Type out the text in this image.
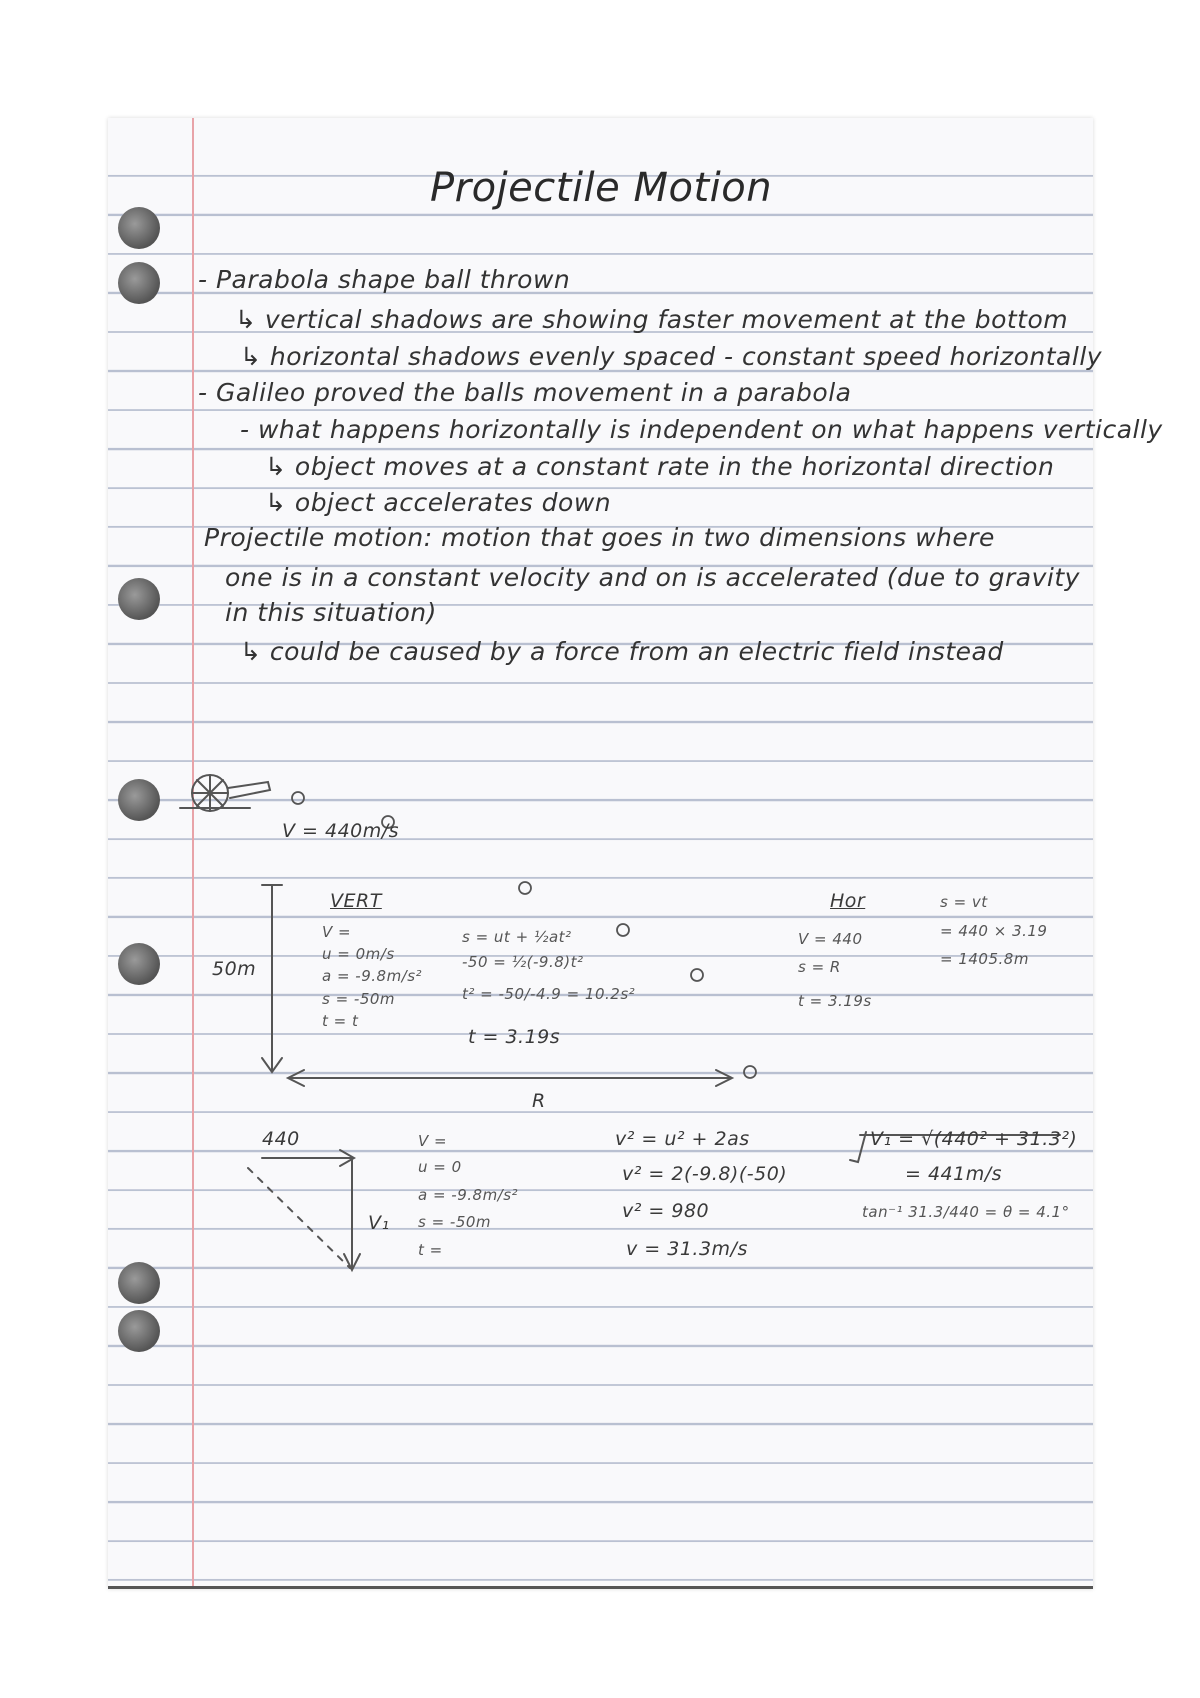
Projectile Motion
- Parabola shape ball thrown
↳ vertical shadows are showing faster movement at the bottom
↳ horizontal shadows evenly spaced - constant speed horizontally
- Galileo proved the balls movement in a parabola
- what happens horizontally is independent on what happens vertically
↳ object moves at a constant rate in the horizontal direction
↳ object accelerates down
Projectile motion: motion that goes in two dimensions where
one is in a constant velocity and on is accelerated (due to gravity
in this situation)
↳ could be caused by a force from an electric field instead
V = 440m/s
50m
R
VERT
V =
u = 0m/s
a = -9.8m/s²
s = -50m
t = t
s = ut + ½at²
-50 = ½(-9.8)t²
t² = -50/-4.9 = 10.2s²
t = 3.19s
Hor
V = 440
s = R
t = 3.19s
s = vt
= 440 × 3.19
= 1405.8m
440
V₁
V =
u = 0
a = -9.8m/s²
s = -50m
t =
v² = u² + 2as
v² = 2(-9.8)(-50)
v² = 980
v = 31.3m/s
V₁ = √(440² + 31.3²)
= 441m/s
tan⁻¹ 31.3/440 = θ = 4.1°
